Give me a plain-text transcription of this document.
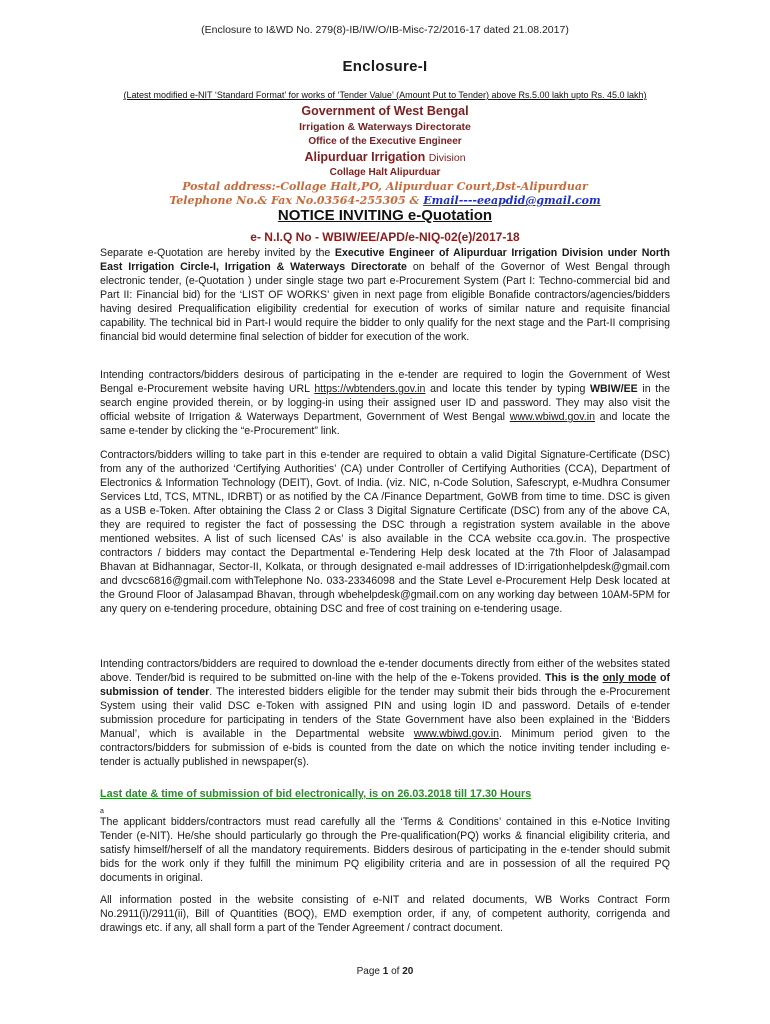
(Enclosure to I&WD No. 279(8)-IB/IW/O/IB-Misc-72/2016-17 dated 21.08.2017)
Enclosure-I
(Latest modified e-NIT ‘Standard Format’ for works of ‘Tender Value’ (Amount Put to Tender) above Rs.5.00 lakh upto Rs. 45.0 lakh)
Government of West Bengal
Irrigation & Waterways Directorate
Office of the Executive Engineer
Alipurduar Irrigation Division
Collage Halt Alipurduar
Postal address:-Collage Halt,PO, Alipurduar Court,Dst-Alipurduar
Telephone No.& Fax No.03564-255305 & Email----eeapdid@gmail.com
NOTICE INVITING e-Quotation
e- N.I.Q No - WBIW/EE/APD/e-NIQ-02(e)/2017-18

Separate e-Quotation are hereby invited by the Executive Engineer of Alipurduar Irrigation Division under North East Irrigation Circle-I, Irrigation & Waterways Directorate on behalf of the Governor of West Bengal through electronic tender, (e-Quotation ) under single stage two part e-Procurement System (Part I: Techno-commercial bid and Part II: Financial bid) for the ‘LIST OF WORKS’ given in next page from eligible Bonafide contractors/agencies/bidders having desired Prequalification eligibility credential for execution of works of similar nature and requisite financial capability. The technical bid in Part-I would require the bidder to only qualify for the next stage and the Part-II comprising financial bid would determine final selection of bidder for execution of the work.

Intending contractors/bidders desirous of participating in the e-tender are required to login the Government of West Bengal e-Procurement website having URL https://wbtenders.gov.in and locate this tender by typing WBIW/EE in the search engine provided therein, or by logging-in using their assigned user ID and password. They may also visit the official website of Irrigation & Waterways Department, Government of West Bengal www.wbiwd.gov.in and locate the same e-tender by clicking the “e-Procurement” link.

Contractors/bidders willing to take part in this e-tender are required to obtain a valid Digital Signature-Certificate (DSC) from any of the authorized ‘Certifying Authorities’ (CA) under Controller of Certifying Authorities (CCA), Department of Electronics & Information Technology (DEIT), Govt. of India. (viz. NIC, n-Code Solution, Safescrypt, e-Mudhra Consumer Services Ltd, TCS, MTNL, IDRBT) or as notified by the CA /Finance Department, GoWB from time to time. DSC is given as a USB e-Token. After obtaining the Class 2 or Class 3 Digital Signature Certificate (DSC) from any of the above CA, they are required to register the fact of possessing the DSC through a registration system available in the above mentioned websites. A list of such licensed CAs’ is also available in the CCA website cca.gov.in. The prospective contractors / bidders may contact the Departmental e-Tendering Help desk located at the 7th Floor of Jalasampad Bhavan at Bidhannagar, Sector-II, Kolkata, or through designated e-mail addresses of ID:irrigationhelpdesk@gmail.com and dvcsc6816@gmail.com withTelephone No. 033-23346098 and the State Level e-Procurement Help Desk located at the Ground Floor of Jalasampad Bhavan, through wbehelpdesk@gmail.com on any working day between 10AM-5PM for any query on e-tendering procedure, obtaining DSC and free of cost training on e-tendering usage.

Intending contractors/bidders are required to download the e-tender documents directly from either of the websites stated above. Tender/bid is required to be submitted on-line with the help of the e-Tokens provided. This is the only mode of submission of tender. The interested bidders eligible for the tender may submit their bids through the e-Procurement System using their valid DSC e-Token with assigned PIN and using login ID and password. Details of e-tender submission procedure for participating in tenders of the State Government have also been explained in the ‘Bidders Manual’, which is available in the Departmental website www.wbiwd.gov.in. Minimum period given to the contractors/bidders for submission of e-bids is counted from the date on which the notice inviting tender including e-tender is actually published in newspaper(s).

Last date & time of submission of bid electronically, is on 26.03.2018 till 17.30 Hours

a

The applicant bidders/contractors must read carefully all the ‘Terms & Conditions’ contained in this e-Notice Inviting Tender (e-NIT). He/she should particularly go through the Pre-qualification(PQ) works & financial eligibility criteria, and satisfy himself/herself of all the mandatory requirements. Bidders desirous of participating in the e-tender should submit bids for the work only if they fulfill the minimum PQ eligibility criteria and are in possession of all the required PQ documents in original.

All information posted in the website consisting of e-NIT and related documents, WB Works Contract Form No.2911(i)/2911(ii), Bill of Quantities (BOQ), EMD exemption order, if any, of competent authority, corrigenda and drawings etc. if any, all shall form a part of the Tender Agreement / contract document.

Page 1 of 20
